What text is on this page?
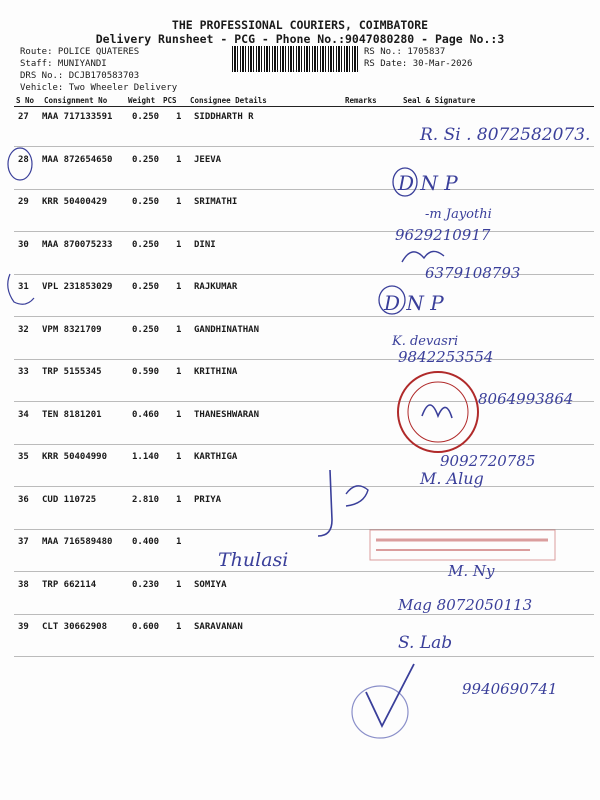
THE PROFESSIONAL COURIERS, COIMBATORE
Delivery Runsheet - PCG - Phone No.:9047080280 - Page No.:3
Route: POLICE QUATERES
Staff: MUNIYANDI
DRS No.: DCJB170583703
Vehicle: Two Wheeler Delivery
RS No.: 1705837
RS Date: 30-Mar-2026
S No Consignment No	Weight PCS Consignee Details	Remarks	Seal & Signature
27 MAA 717133591 0.250 1 SIDDHARTH R
28 MAA 872654650 0.250 1 JEEVA
29 KRR 50400429	0.250 1 SRIMATHI
30 MAA 870075233 0.250 1 DINI
31 VPL 231853029 0.250 1 RAJKUMAR
32 VPM 8321709	0.250 1 GANDHINATHAN
33 TRP 5155345	0.590 1 KRITHINA
34 TEN 8181201	0.460 1 THANESHWARAN
35 KRR 50404990	1.140 1 KARTHIGA
36 CUD 110725	2.810 1 PRIYA
37 MAA 716589480 0.400 1
38 TRP 662114	0.230 1 SOMIYA
39 CLT 30662908	0.600 1 SARAVANAN
R. Si . 8072582073.
D N P
-m Jayothi
9629210917
6379108793
D N P
K. devasri
9842253554
8064993864
9092720785
M. Alug
Thulasi	M. Ny
Mag 8072050113
S. Lab
9940690741
